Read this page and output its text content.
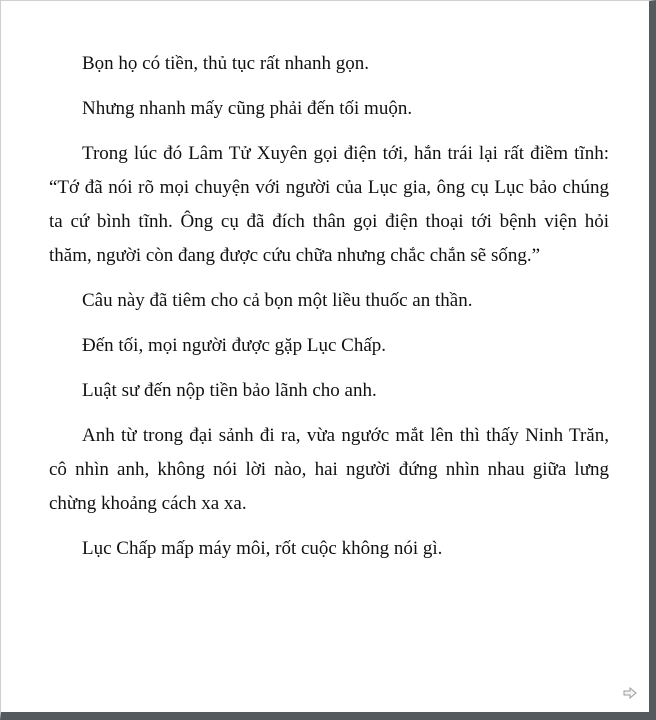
Bọn họ có tiền, thủ tục rất nhanh gọn.

Nhưng nhanh mấy cũng phải đến tối muộn.

Trong lúc đó Lâm Tử Xuyên gọi điện tới, hắn trái lại rất điềm tĩnh: “Tớ đã nói rõ mọi chuyện với người của Lục gia, ông cụ Lục bảo chúng ta cứ bình tĩnh. Ông cụ đã đích thân gọi điện thoại tới bệnh viện hỏi thăm, người còn đang được cứu chữa nhưng chắc chắn sẽ sống.”

Câu này đã tiêm cho cả bọn một liều thuốc an thần.

Đến tối, mọi người được gặp Lục Chấp.

Luật sư đến nộp tiền bảo lãnh cho anh.

Anh từ trong đại sảnh đi ra, vừa ngước mắt lên thì thấy Ninh Trăn, cô nhìn anh, không nói lời nào, hai người đứng nhìn nhau giữa lưng chừng khoảng cách xa xa.

Lục Chấp mấp máy môi, rốt cuộc không nói gì.
